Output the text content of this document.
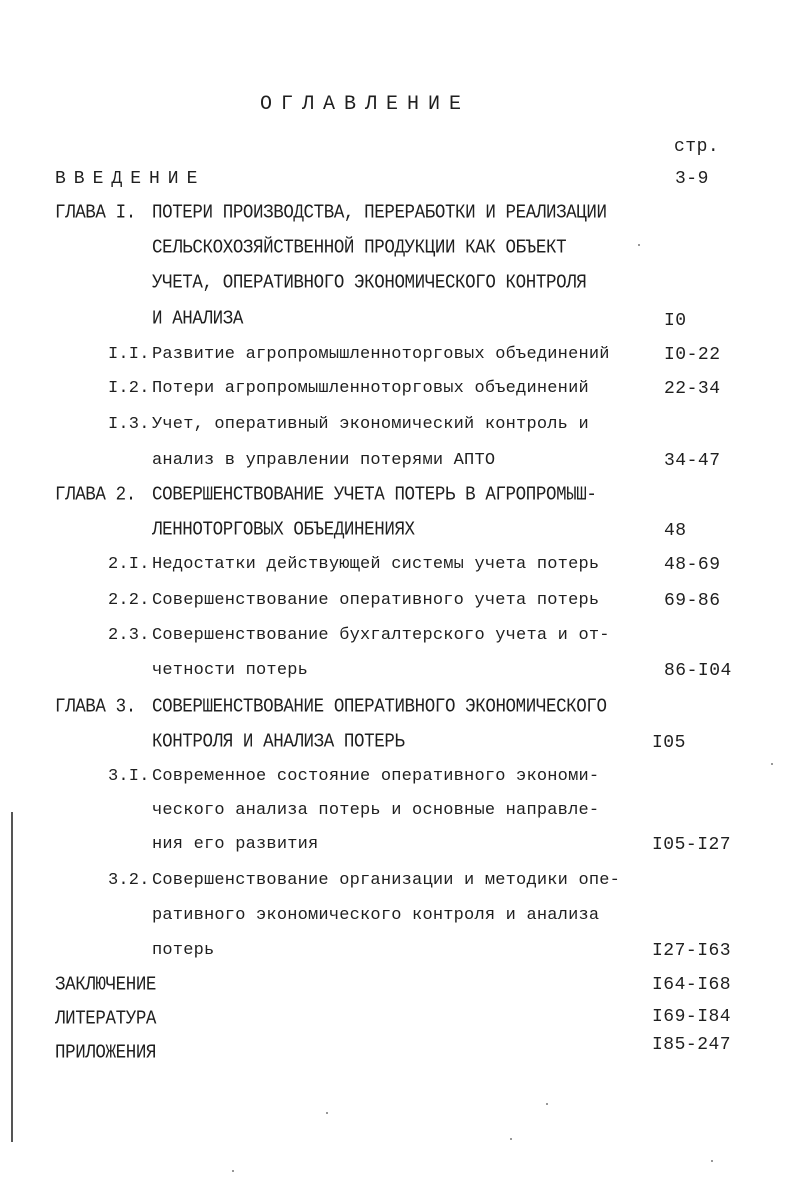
ОГЛАВЛЕНИЕ
стр.
ВВЕДЕНИЕ	3-9
ГЛАВА I. ПОТЕРИ ПРОИЗВОДСТВА, ПЕРЕРАБОТКИ И РЕАЛИЗАЦИИ
СЕЛЬСКОХОЗЯЙСТВЕННОЙ ПРОДУКЦИИ КАК ОБЪЕКТ
УЧЕТА, ОПЕРАТИВНОГО ЭКОНОМИЧЕСКОГО КОНТРОЛЯ
И АНАЛИЗА	I0
I.I. Развитие агропромышленноторговых объединений	I0-22
I.2. Потери агропромышленноторговых объединений	22-34
I.3. Учет, оперативный экономический контроль и
анализ в управлении потерями АПТО	34-47
ГЛАВА 2. СОВЕРШЕНСТВОВАНИЕ УЧЕТА ПОТЕРЬ В АГРОПРОМЫШ-
ЛЕННОТОРГОВЫХ ОБЪЕДИНЕНИЯХ	48
2.I. Недостатки действующей системы учета потерь	48-69
2.2. Совершенствование оперативного учета потерь	69-86
2.3. Совершенствование бухгалтерского учета и от-
четности потерь	86-I04
ГЛАВА 3. СОВЕРШЕНСТВОВАНИЕ ОПЕРАТИВНОГО ЭКОНОМИЧЕСКОГО
КОНТРОЛЯ И АНАЛИЗА ПОТЕРЬ	I05
3.I. Современное состояние оперативного экономи-
ческого анализа потерь и основные направле-
ния его развития	I05-I27
3.2. Совершенствование организации и методики опе-
ративного экономического контроля и анализа
потерь	I27-I63
ЗАКЛЮЧЕНИЕ	I64-I68
ЛИТЕРАТУРА	I69-I84
ПРИЛОЖЕНИЯ	I85-247
